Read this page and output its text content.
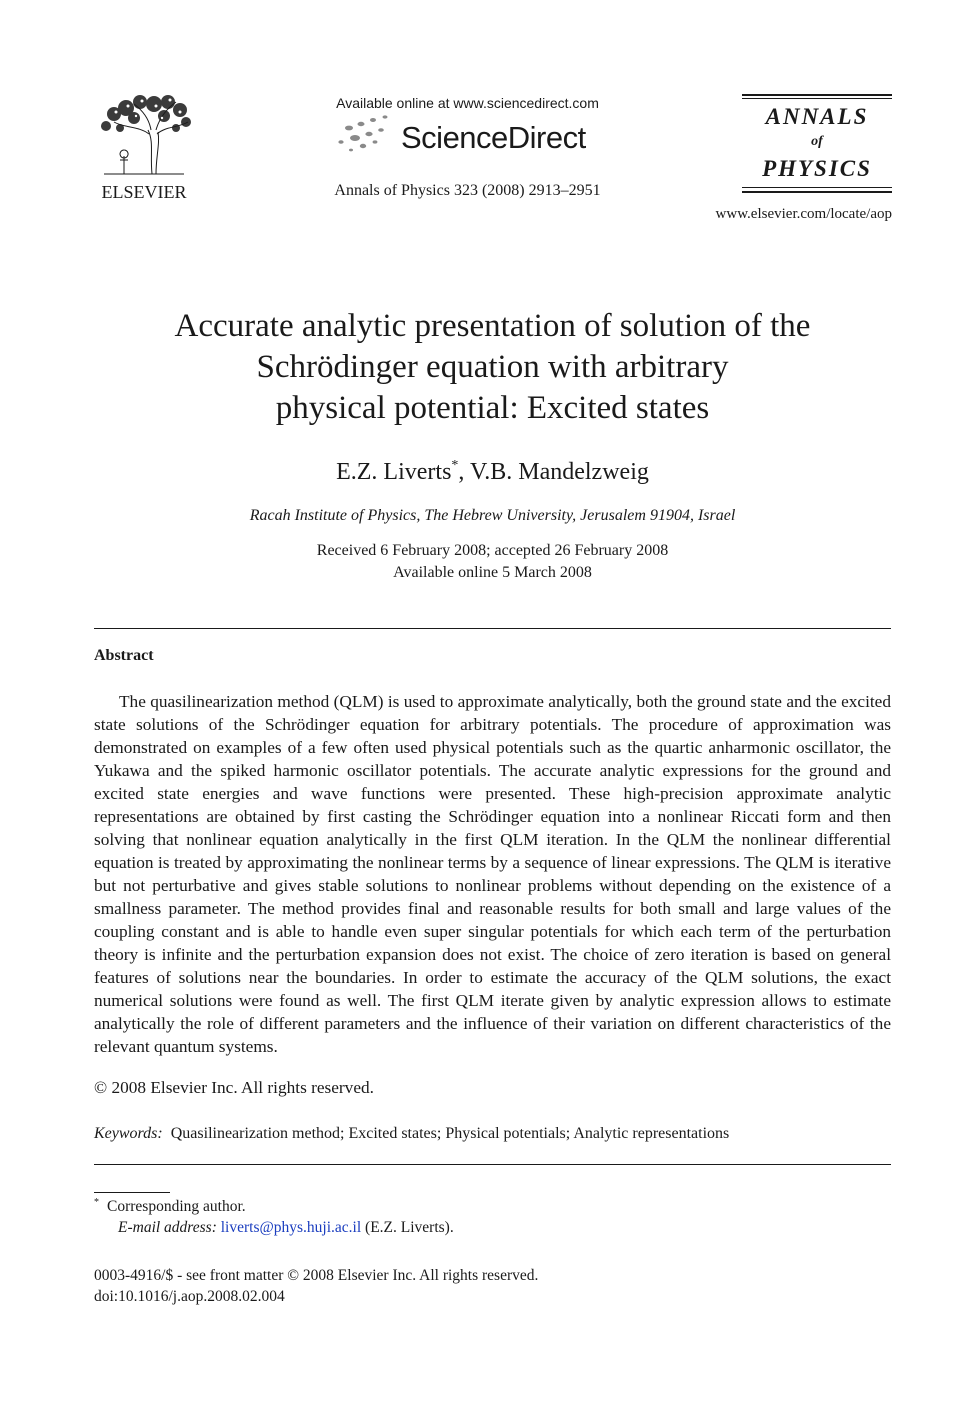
ELSEVIER
Available online at www.sciencedirect.com
ScienceDirect
Annals of Physics 323 (2008) 2913–2951
ANNALS
of
PHYSICS
www.elsevier.com/locate/aop
Accurate analytic presentation of solution of the
Schrödinger equation with arbitrary
physical potential: Excited states
E.Z. Liverts*, V.B. Mandelzweig
Racah Institute of Physics, The Hebrew University, Jerusalem 91904, Israel
Received 6 February 2008; accepted 26 February 2008
Available online 5 March 2008
Abstract

The quasilinearization method (QLM) is used to approximate analytically, both the ground state and the excited state solutions of the Schrödinger equation for arbitrary potentials. The procedure of approximation was demonstrated on examples of a few often used physical potentials such as the quartic anharmonic oscillator, the Yukawa and the spiked harmonic oscillator potentials. The accurate analytic expressions for the ground and excited state energies and wave functions were presented. These high-precision approximate analytic representations are obtained by first casting the Schrödinger equation into a nonlinear Riccati form and then solving that nonlinear equation analytically in the first QLM iteration. In the QLM the nonlinear differential equation is treated by approximating the nonlinear terms by a sequence of linear expressions. The QLM is iterative but not perturbative and gives stable solutions to nonlinear problems without depending on the existence of a smallness parameter. The method provides final and reasonable results for both small and large values of the coupling constant and is able to handle even super singular potentials for which each term of the perturbation theory is infinite and the perturbation expansion does not exist. The choice of zero iteration is based on general features of solutions near the boundaries. In order to estimate the accuracy of the QLM solutions, the exact numerical solutions were found as well. The first QLM iterate given by analytic expression allows to estimate analytically the role of different parameters and the influence of their variation on different characteristics of the relevant quantum systems.

© 2008 Elsevier Inc. All rights reserved.
Keywords: Quasilinearization method; Excited states; Physical potentials; Analytic representations
* Corresponding author.
E-mail address: liverts@phys.huji.ac.il (E.Z. Liverts).
0003-4916/$ - see front matter © 2008 Elsevier Inc. All rights reserved.
doi:10.1016/j.aop.2008.02.004
